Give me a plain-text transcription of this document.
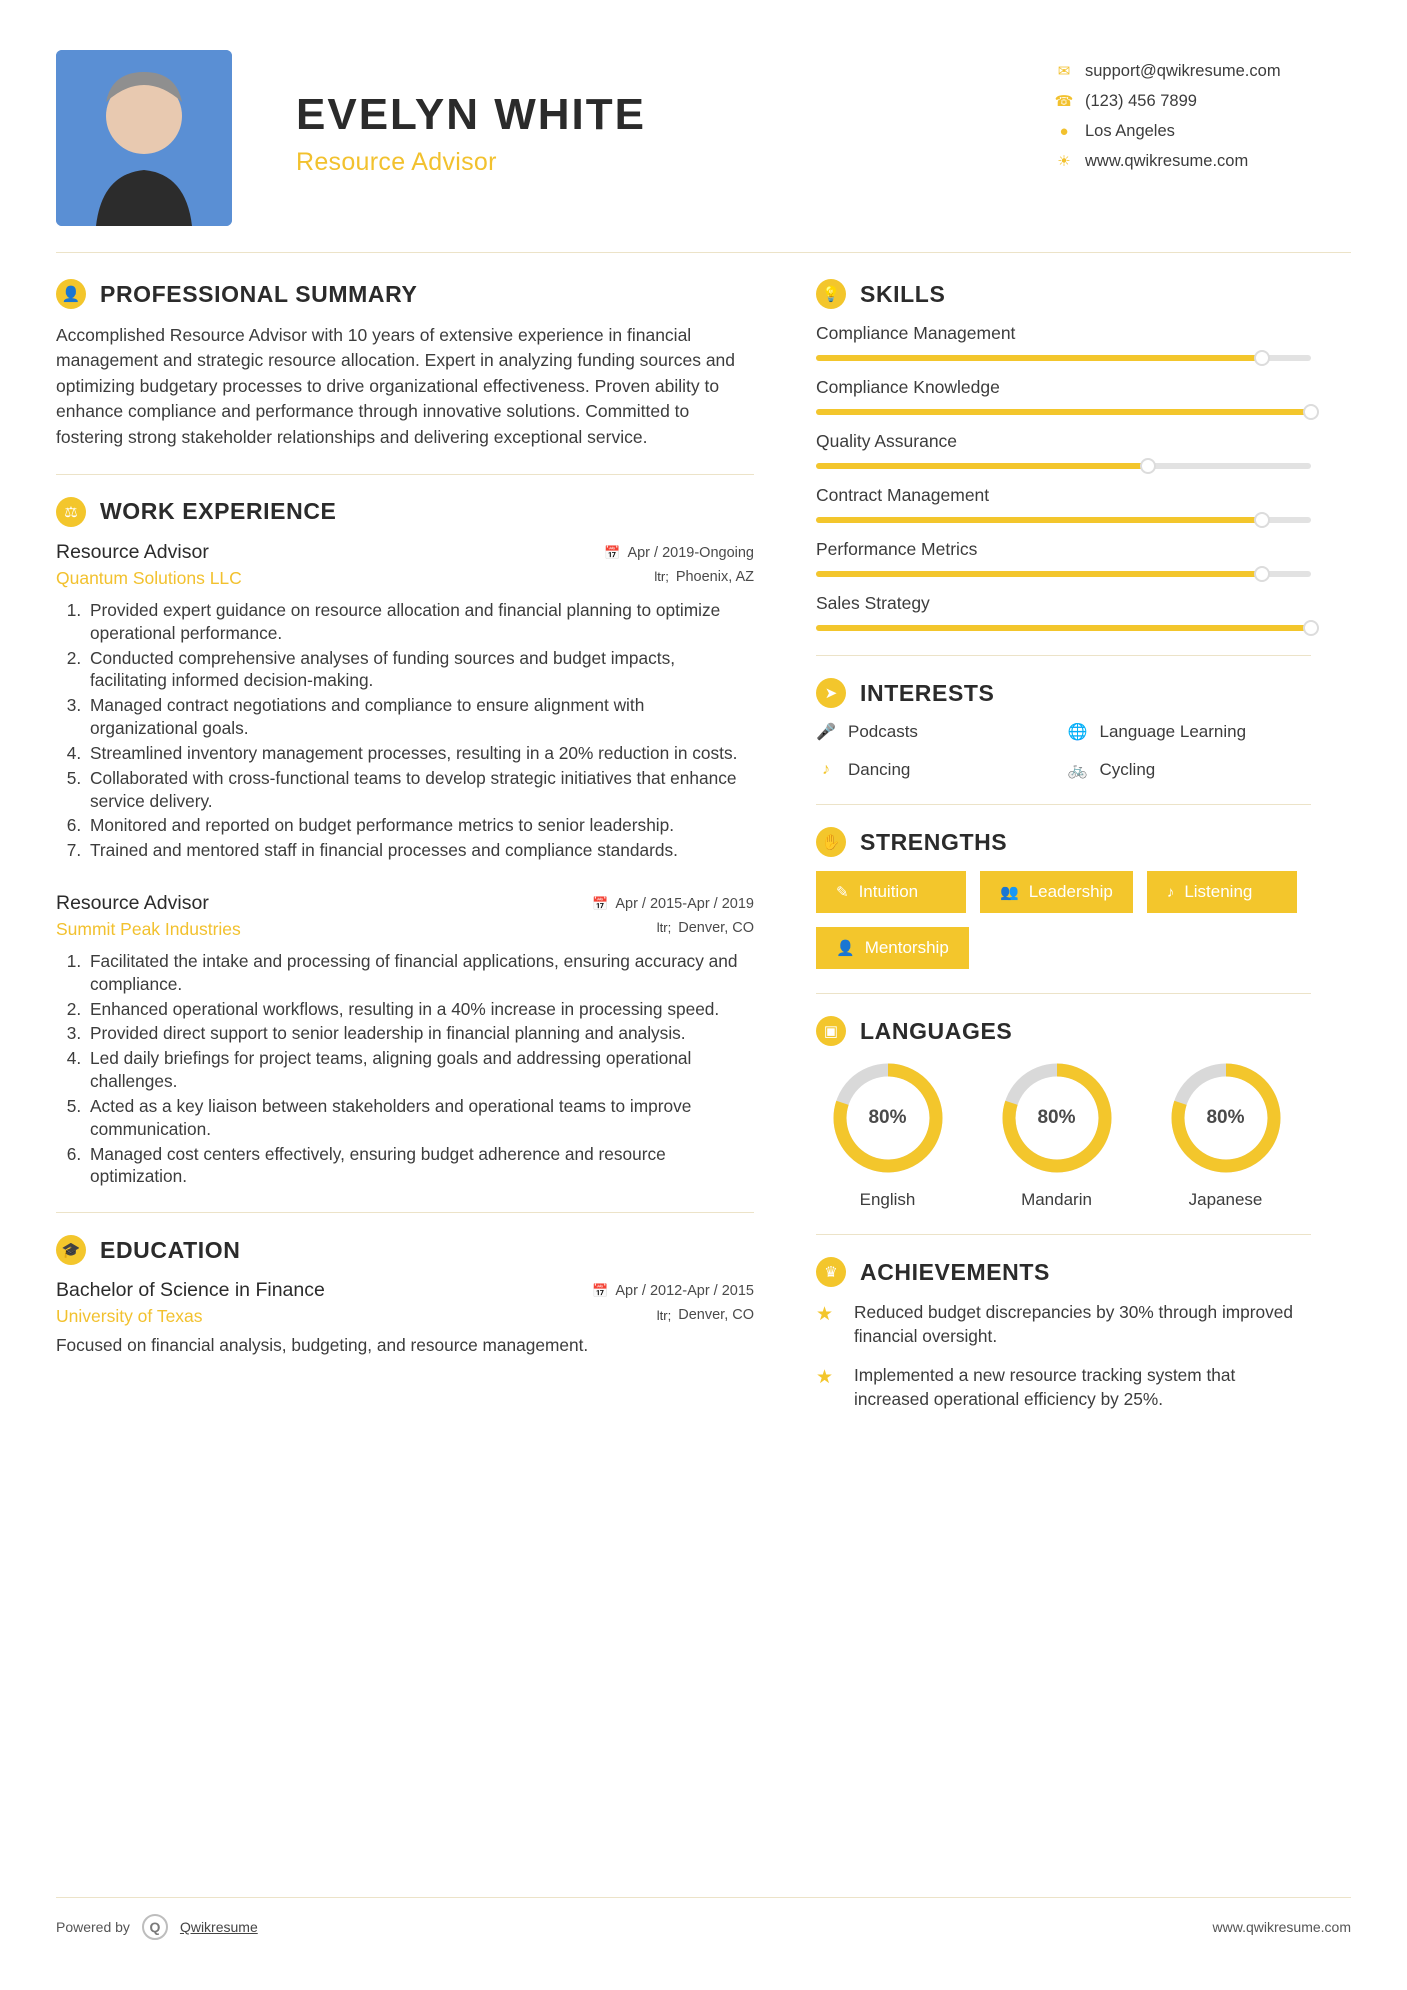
EVELYN WHITE
Resource Advisor
✉ support@qwikresume.com
☎ (123) 456 7899
● Los Angeles
☀ www.qwikresume.com
👤 PROFESSIONAL SUMMARY
Accomplished Resource Advisor with 10 years of extensive experience in financial management and strategic resource allocation. Expert in analyzing funding sources and optimizing budgetary processes to drive organizational effectiveness. Proven ability to enhance compliance and performance through innovative solutions. Committed to fostering strong stakeholder relationships and delivering exceptional service.
⚖ WORK EXPERIENCE
Resource Advisor
Quantum Solutions LLC
📅 Apr / 2019-Ongoing
ltr; Phoenix, AZ
1. Provided expert guidance on resource allocation and financial planning to optimize operational performance.
2. Conducted comprehensive analyses of funding sources and budget impacts, facilitating informed decision-making.
3. Managed contract negotiations and compliance to ensure alignment with organizational goals.
4. Streamlined inventory management processes, resulting in a 20% reduction in costs.
5. Collaborated with cross-functional teams to develop strategic initiatives that enhance service delivery.
6. Monitored and reported on budget performance metrics to senior leadership.
7. Trained and mentored staff in financial processes and compliance standards.
Resource Advisor
Summit Peak Industries
📅 Apr / 2015-Apr / 2019
ltr; Denver, CO
1. Facilitated the intake and processing of financial applications, ensuring accuracy and compliance.
2. Enhanced operational workflows, resulting in a 40% increase in processing speed.
3. Provided direct support to senior leadership in financial planning and analysis.
4. Led daily briefings for project teams, aligning goals and addressing operational challenges.
5. Acted as a key liaison between stakeholders and operational teams to improve communication.
6. Managed cost centers effectively, ensuring budget adherence and resource optimization.
🎓 EDUCATION
Bachelor of Science in Finance
University of Texas
📅 Apr / 2012-Apr / 2015
ltr; Denver, CO
Focused on financial analysis, budgeting, and resource management.
💡 SKILLS
Compliance Management
Compliance Knowledge
Quality Assurance
Contract Management
Performance Metrics
Sales Strategy
➤ INTERESTS
🎤 Podcasts	🌐 Language Learning
♪	Dancing	🚲 Cycling
✋ STRENGTHS
✎ Intuition	👥 Leadership	♪ Listening
👤 Mentorship
▣ LANGUAGES
80%
English
80%
Mandarin
80%
Japanese
♛ ACHIEVEMENTS
★	Reduced budget discrepancies by 30% through improved financial oversight.
★	Implemented a new resource tracking system that increased operational efficiency by 25%.
Powered by	Q	Qwikresume	www.qwikresume.com
